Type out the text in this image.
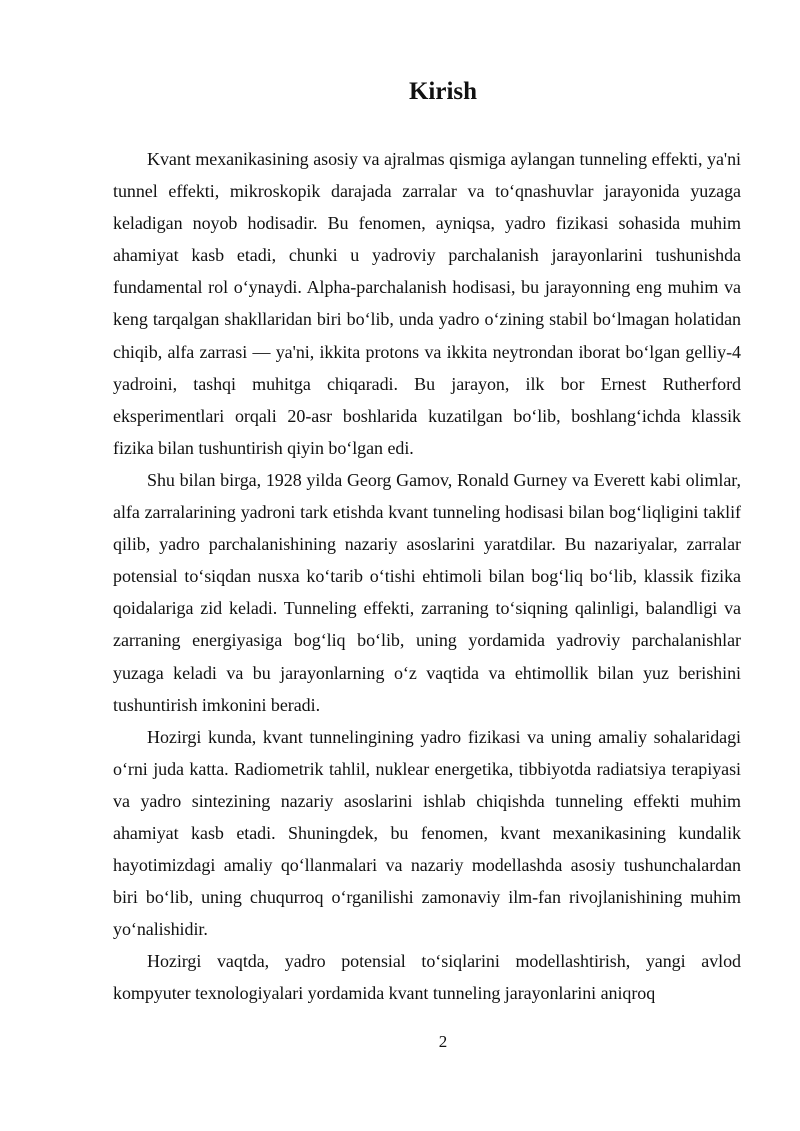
Kirish

Kvant mexanikasining asosiy va ajralmas qismiga aylangan tunneling effekti, ya'ni tunnel effekti, mikroskopik darajada zarralar va to‘qnashuvlar jarayonida yuzaga keladigan noyob hodisadir. Bu fenomen, ayniqsa, yadro fizikasi sohasida muhim ahamiyat kasb etadi, chunki u yadroviy parchalanish jarayonlarini tushunishda fundamental rol o‘ynaydi. Alpha-parchalanish hodisasi, bu jarayonning eng muhim va keng tarqalgan shakllaridan biri bo‘lib, unda yadro o‘zining stabil bo‘lmagan holatidan chiqib, alfa zarrasi — ya'ni, ikkita protons va ikkita neytrondan iborat bo‘lgan gelliy-4 yadroini, tashqi muhitga chiqaradi. Bu jarayon, ilk bor Ernest Rutherford eksperimentlari orqali 20-asr boshlarida kuzatilgan bo‘lib, boshlang‘ichda klassik fizika bilan tushuntirish qiyin bo‘lgan edi.

Shu bilan birga, 1928 yilda Georg Gamov, Ronald Gurney va Everett kabi olimlar, alfa zarralarining yadroni tark etishda kvant tunneling hodisasi bilan bog‘liqligini taklif qilib, yadro parchalanishining nazariy asoslarini yaratdilar. Bu nazariyalar, zarralar potensial to‘siqdan nusxa ko‘tarib o‘tishi ehtimoli bilan bog‘liq bo‘lib, klassik fizika qoidalariga zid keladi. Tunneling effekti, zarraning to‘siqning qalinligi, balandligi va zarraning energiyasiga bog‘liq bo‘lib, uning yordamida yadroviy parchalanishlar yuzaga keladi va bu jarayonlarning o‘z vaqtida va ehtimollik bilan yuz berishini tushuntirish imkonini beradi.

Hozirgi kunda, kvant tunnelingining yadro fizikasi va uning amaliy sohalaridagi o‘rni juda katta. Radiometrik tahlil, nuklear energetika, tibbiyotda radiatsiya terapiyasi va yadro sintezining nazariy asoslarini ishlab chiqishda tunneling effekti muhim ahamiyat kasb etadi. Shuningdek, bu fenomen, kvant mexanikasining kundalik hayotimizdagi amaliy qo‘llanmalari va nazariy modellashda asosiy tushunchalardan biri bo‘lib, uning chuqurroq o‘rganilishi zamonaviy ilm-fan rivojlanishining muhim yo‘nalishidir.

Hozirgi vaqtda, yadro potensial to‘siqlarini modellashtirish, yangi avlod kompyuter texnologiyalari yordamida kvant tunneling jarayonlarini aniqroq

2
